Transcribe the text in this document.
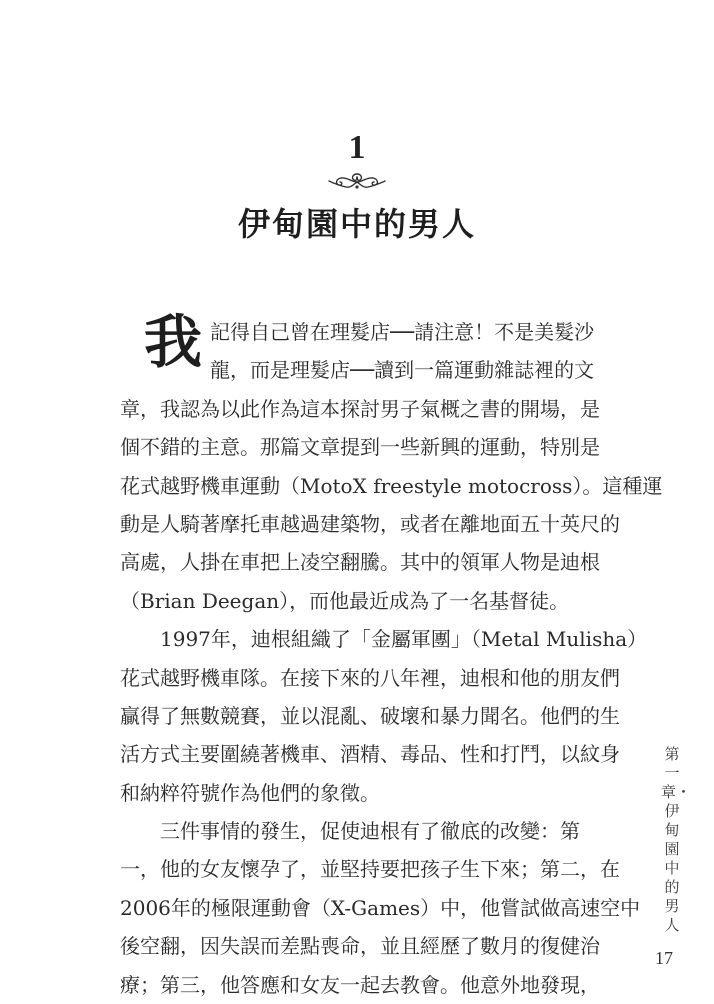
1
伊甸園中的男人
我 記得自己曾在理髮店──請注意！不是美髮沙
龍，而是理髮店──讀到一篇運動雜誌裡的文
章，我認為以此作為這本探討男子氣概之書的開場，是
個不錯的主意。那篇文章提到一些新興的運動，特別是
花式越野機車運動（MotoX freestyle motocross）。這種運
動是人騎著摩托車越過建築物，或者在離地面五十英尺的
高處，人掛在車把上凌空翻騰。其中的領軍人物是迪根
（Brian Deegan），而他最近成為了一名基督徒。
1997年，迪根組織了「金屬軍團」（Metal Mulisha）
花式越野機車隊。在接下來的八年裡，迪根和他的朋友們
贏得了無數競賽，並以混亂、破壞和暴力聞名。他們的生
活方式主要圍繞著機車、酒精、毒品、性和打鬥，以紋身
和納粹符號作為他們的象徵。
三件事情的發生，促使迪根有了徹底的改變：第
一，他的女友懷孕了，並堅持要把孩子生下來；第二，在
2006年的極限運動會（X-Games）中，他嘗試做高速空中
後空翻，因失誤而差點喪命，並且經歷了數月的復健治
療；第三，他答應和女友一起去教會。他意外地發現，
第一章・伊甸園中的男人
17
